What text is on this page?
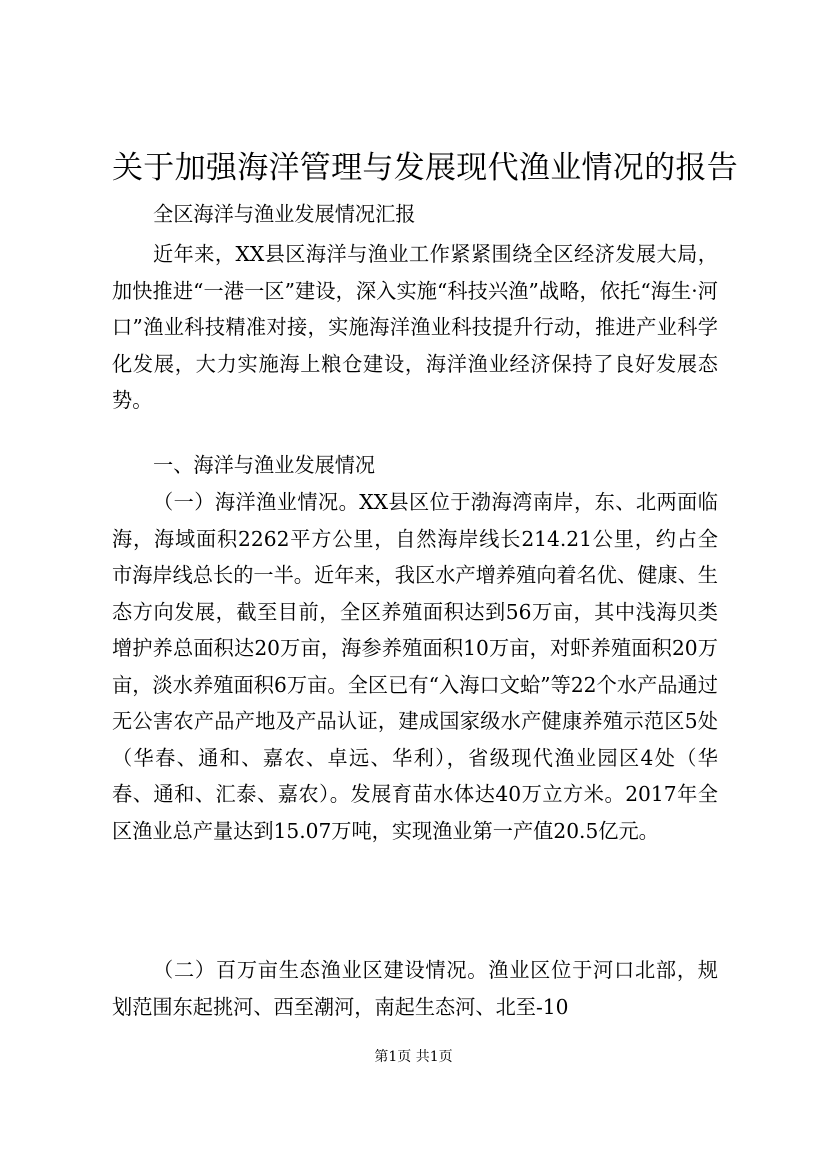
关于加强海洋管理与发展现代渔业情况的报告

全区海洋与渔业发展情况汇报

近年来，XX县区海洋与渔业工作紧紧围绕全区经济发展大局，加快推进“一港一区”建设，深入实施“科技兴渔”战略，依托“海生·河口”渔业科技精准对接，实施海洋渔业科技提升行动，推进产业科学化发展，大力实施海上粮仓建设，海洋渔业经济保持了良好发展态势。

一、海洋与渔业发展情况

（一）海洋渔业情况。XX县区位于渤海湾南岸，东、北两面临海，海域面积2262平方公里，自然海岸线长214.21公里，约占全市海岸线总长的一半。近年来，我区水产增养殖向着名优、健康、生态方向发展，截至目前，全区养殖面积达到56万亩，其中浅海贝类增护养总面积达20万亩，海参养殖面积10万亩，对虾养殖面积20万亩，淡水养殖面积6万亩。全区已有“入海口文蛤”等22个水产品通过无公害农产品产地及产品认证，建成国家级水产健康养殖示范区5处（华春、通和、嘉农、卓远、华利），省级现代渔业园区4处（华春、通和、汇泰、嘉农）。发展育苗水体达40万立方米。2017年全区渔业总产量达到15.07万吨，实现渔业第一产值20.5亿元。

（二）百万亩生态渔业区建设情况。渔业区位于河口北部，规划范围东起挑河、西至潮河，南起生态河、北至-10

第1页 共1页
